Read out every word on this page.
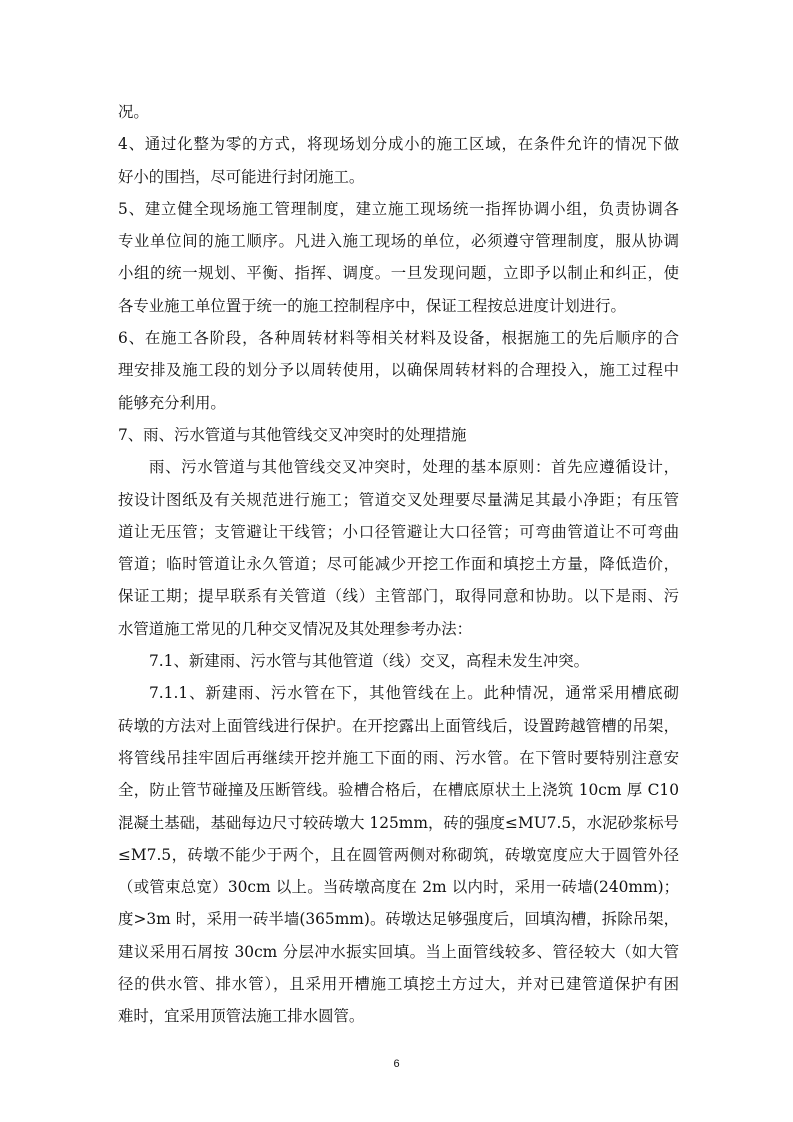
况。
4、通过化整为零的方式，将现场划分成小的施工区域，在条件允许的情况下做
好小的围挡，尽可能进行封闭施工。
5、建立健全现场施工管理制度，建立施工现场统一指挥协调小组，负责协调各
专业单位间的施工顺序。凡进入施工现场的单位，必须遵守管理制度，服从协调
小组的统一规划、平衡、指挥、调度。一旦发现问题，立即予以制止和纠正，使
各专业施工单位置于统一的施工控制程序中，保证工程按总进度计划进行。
6、在施工各阶段，各种周转材料等相关材料及设备，根据施工的先后顺序的合
理安排及施工段的划分予以周转使用，以确保周转材料的合理投入，施工过程中
能够充分利用。
7、雨、污水管道与其他管线交叉冲突时的处理措施
雨、污水管道与其他管线交叉冲突时，处理的基本原则：首先应遵循设计，
按设计图纸及有关规范进行施工；管道交叉处理要尽量满足其最小净距；有压管
道让无压管；支管避让干线管；小口径管避让大口径管；可弯曲管道让不可弯曲
管道；临时管道让永久管道；尽可能减少开挖工作面和填挖土方量，降低造价，
保证工期；提早联系有关管道（线）主管部门，取得同意和协助。以下是雨、污
水管道施工常见的几种交叉情况及其处理参考办法：
7.1、新建雨、污水管与其他管道（线）交叉，高程未发生冲突。
7.1.1、新建雨、污水管在下，其他管线在上。此种情况，通常采用槽底砌
砖墩的方法对上面管线进行保护。在开挖露出上面管线后，设置跨越管槽的吊架，
将管线吊挂牢固后再继续开挖并施工下面的雨、污水管。在下管时要特别注意安
全，防止管节碰撞及压断管线。验槽合格后，在槽底原状土上浇筑 10cm 厚 C10
混凝土基础，基础每边尺寸较砖墩大 125mm，砖的强度≤MU7.5，水泥砂浆标号
≤M7.5，砖墩不能少于两个，且在圆管两侧对称砌筑，砖墩宽度应大于圆管外径
（或管束总宽）30cm 以上。当砖墩高度在 2m 以内时，采用一砖墙(240mm)；
度>3m 时，采用一砖半墙(365mm)。砖墩达足够强度后，回填沟槽，拆除吊架，
建议采用石屑按 30cm 分层冲水振实回填。当上面管线较多、管径较大（如大管
径的供水管、排水管），且采用开槽施工填挖土方过大，并对已建管道保护有困
难时，宜采用顶管法施工排水圆管。
6
